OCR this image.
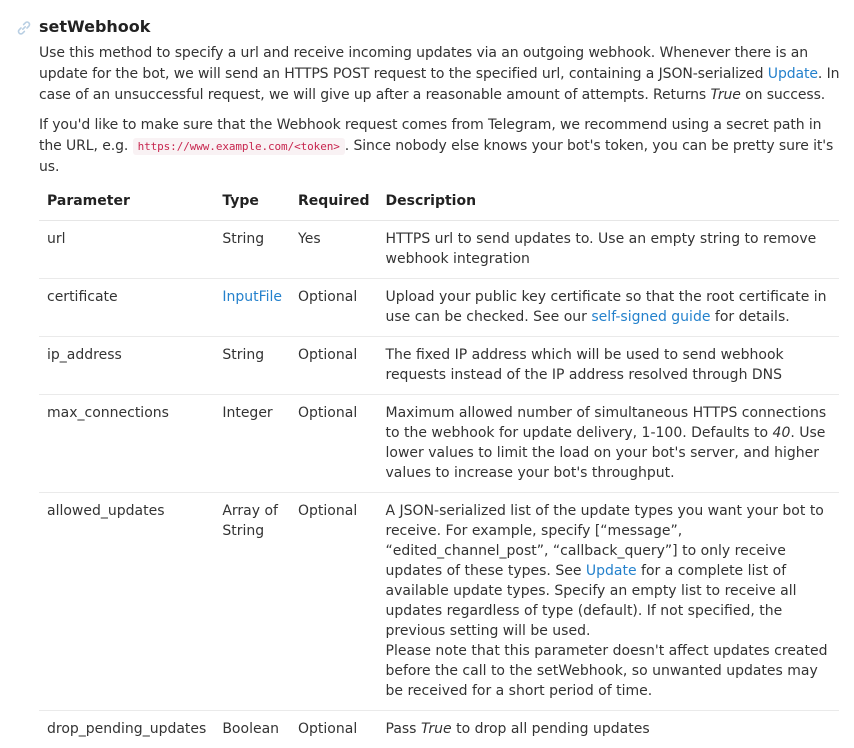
setWebhook

Use this method to specify a url and receive incoming updates via an outgoing webhook. Whenever there is an update for the bot, we will send an HTTPS POST request to the specified url, containing a JSON-serialized Update. In case of an unsuccessful request, we will give up after a reasonable amount of attempts. Returns True on success.

If you'd like to make sure that the Webhook request comes from Telegram, we recommend using a secret path in the URL, e.g. https://www.example.com/<token> . Since nobody else knows your bot's token, you can be pretty sure it's us.

Parameter	Type	Required	Description
url	String	Yes	HTTPS url to send updates to. Use an empty string to remove webhook integration
certificate	InputFile	Optional	Upload your public key certificate so that the root certificate in use can be checked. See our self-signed guide for details.
ip_address	String	Optional	The fixed IP address which will be used to send webhook requests instead of the IP address resolved through DNS
max_connections	Integer	Optional	Maximum allowed number of simultaneous HTTPS connections to the webhook for update delivery, 1-100. Defaults to 40. Use lower values to limit the load on your bot's server, and higher values to increase your bot's throughput.
allowed_updates	Array of String	Optional	A JSON-serialized list of the update types you want your bot to receive. For example, specify [“message”, “edited_channel_post”, “callback_query”] to only receive updates of these types. See Update for a complete list of available update types. Specify an empty list to receive all updates regardless of type (default). If not specified, the previous setting will be used.
Please note that this parameter doesn't affect updates created before the call to the setWebhook, so unwanted updates may be received for a short period of time.
drop_pending_updates	Boolean	Optional	Pass True to drop all pending updates
